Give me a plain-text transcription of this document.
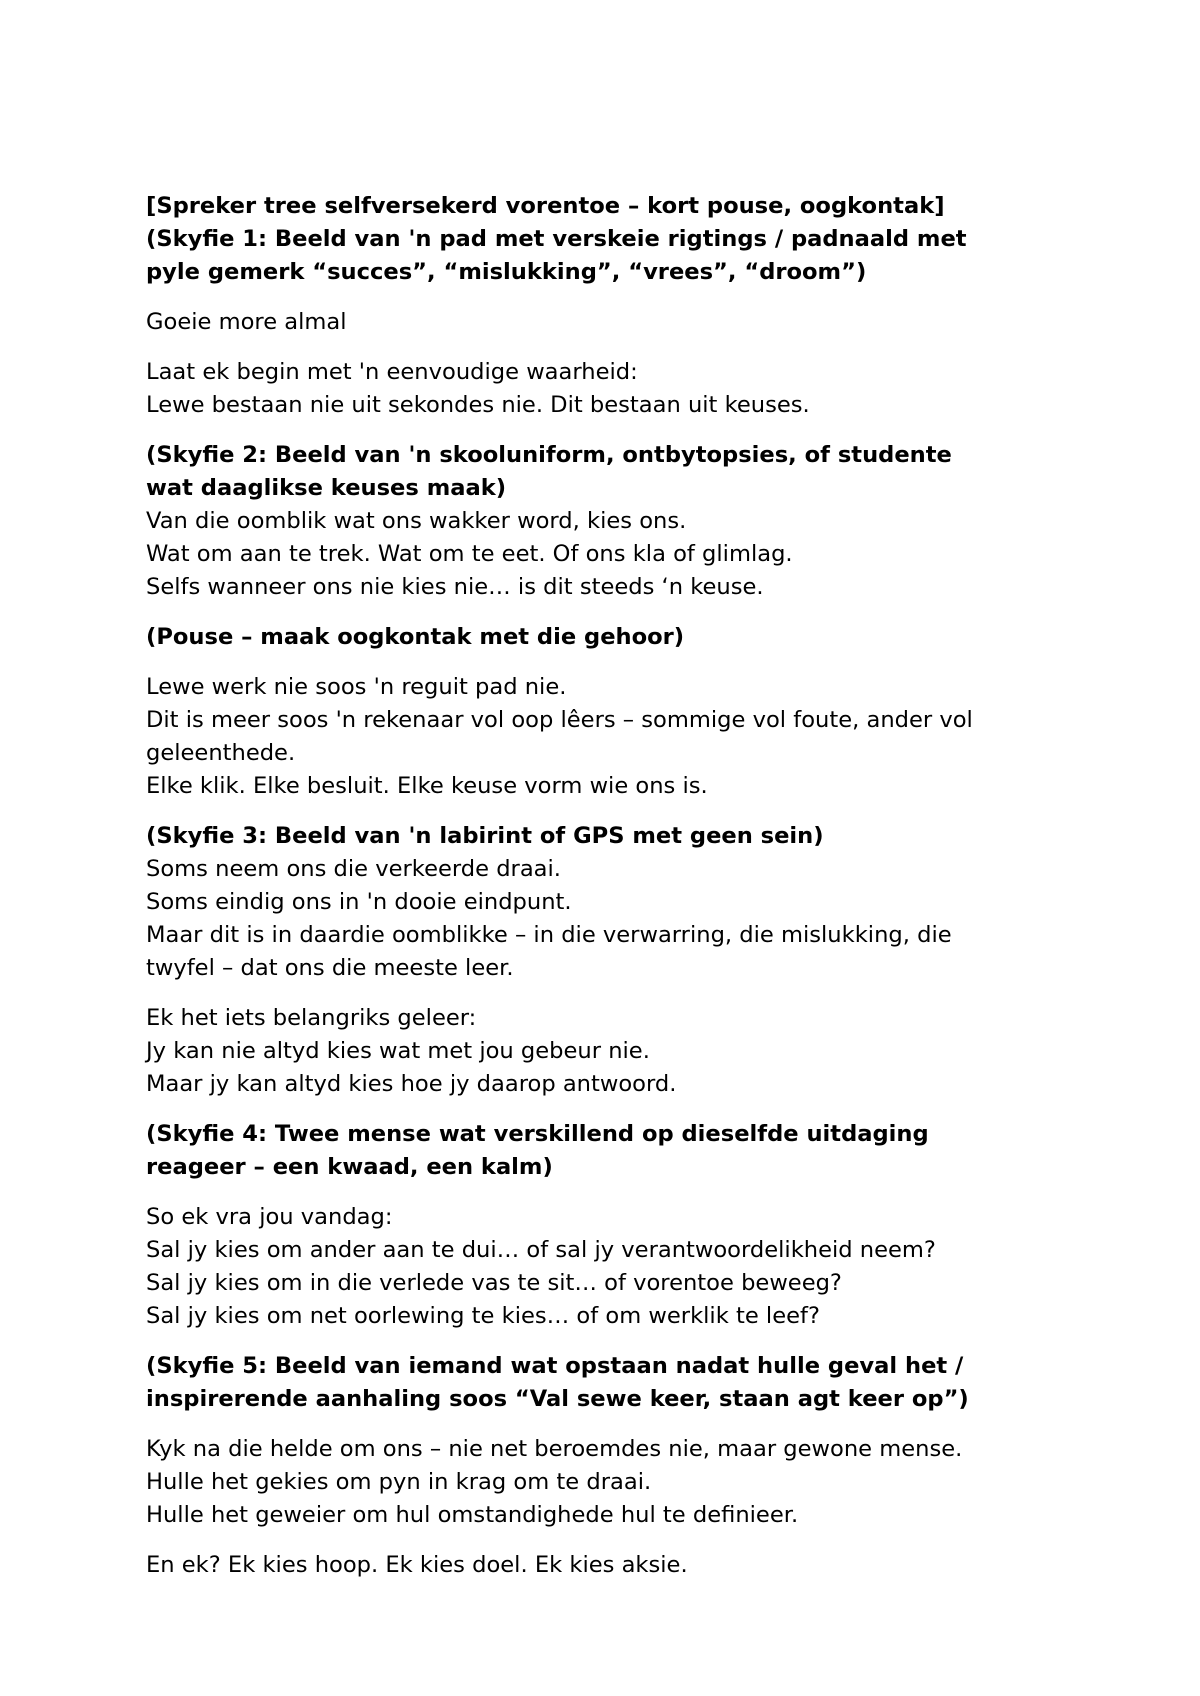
[Spreker tree selfversekerd vorentoe – kort pouse, oogkontak]
(Skyfie 1: Beeld van 'n pad met verskeie rigtings / padnaald met
pyle gemerk “succes”, “mislukking”, “vrees”, “droom”)
Goeie more almal
Laat ek begin met 'n eenvoudige waarheid:
Lewe bestaan nie uit sekondes nie. Dit bestaan uit keuses.
(Skyfie 2: Beeld van 'n skooluniform, ontbytopsies, of studente
wat daaglikse keuses maak)
Van die oomblik wat ons wakker word, kies ons.
Wat om aan te trek. Wat om te eet. Of ons kla of glimlag.
Selfs wanneer ons nie kies nie… is dit steeds ‘n keuse.
(Pouse – maak oogkontak met die gehoor)
Lewe werk nie soos 'n reguit pad nie.
Dit is meer soos 'n rekenaar vol oop lêers – sommige vol foute, ander vol
geleenthede.
Elke klik. Elke besluit. Elke keuse vorm wie ons is.
(Skyfie 3: Beeld van 'n labirint of GPS met geen sein)
Soms neem ons die verkeerde draai.
Soms eindig ons in 'n dooie eindpunt.
Maar dit is in daardie oomblikke – in die verwarring, die mislukking, die
twyfel – dat ons die meeste leer.
Ek het iets belangriks geleer:
Jy kan nie altyd kies wat met jou gebeur nie.
Maar jy kan altyd kies hoe jy daarop antwoord.
(Skyfie 4: Twee mense wat verskillend op dieselfde uitdaging
reageer – een kwaad, een kalm)
So ek vra jou vandag:
Sal jy kies om ander aan te dui… of sal jy verantwoordelikheid neem?
Sal jy kies om in die verlede vas te sit… of vorentoe beweeg?
Sal jy kies om net oorlewing te kies… of om werklik te leef?
(Skyfie 5: Beeld van iemand wat opstaan nadat hulle geval het /
inspirerende aanhaling soos “Val sewe keer, staan agt keer op”)
Kyk na die helde om ons – nie net beroemdes nie, maar gewone mense.
Hulle het gekies om pyn in krag om te draai.
Hulle het geweier om hul omstandighede hul te definieer.
En ek? Ek kies hoop. Ek kies doel. Ek kies aksie.
